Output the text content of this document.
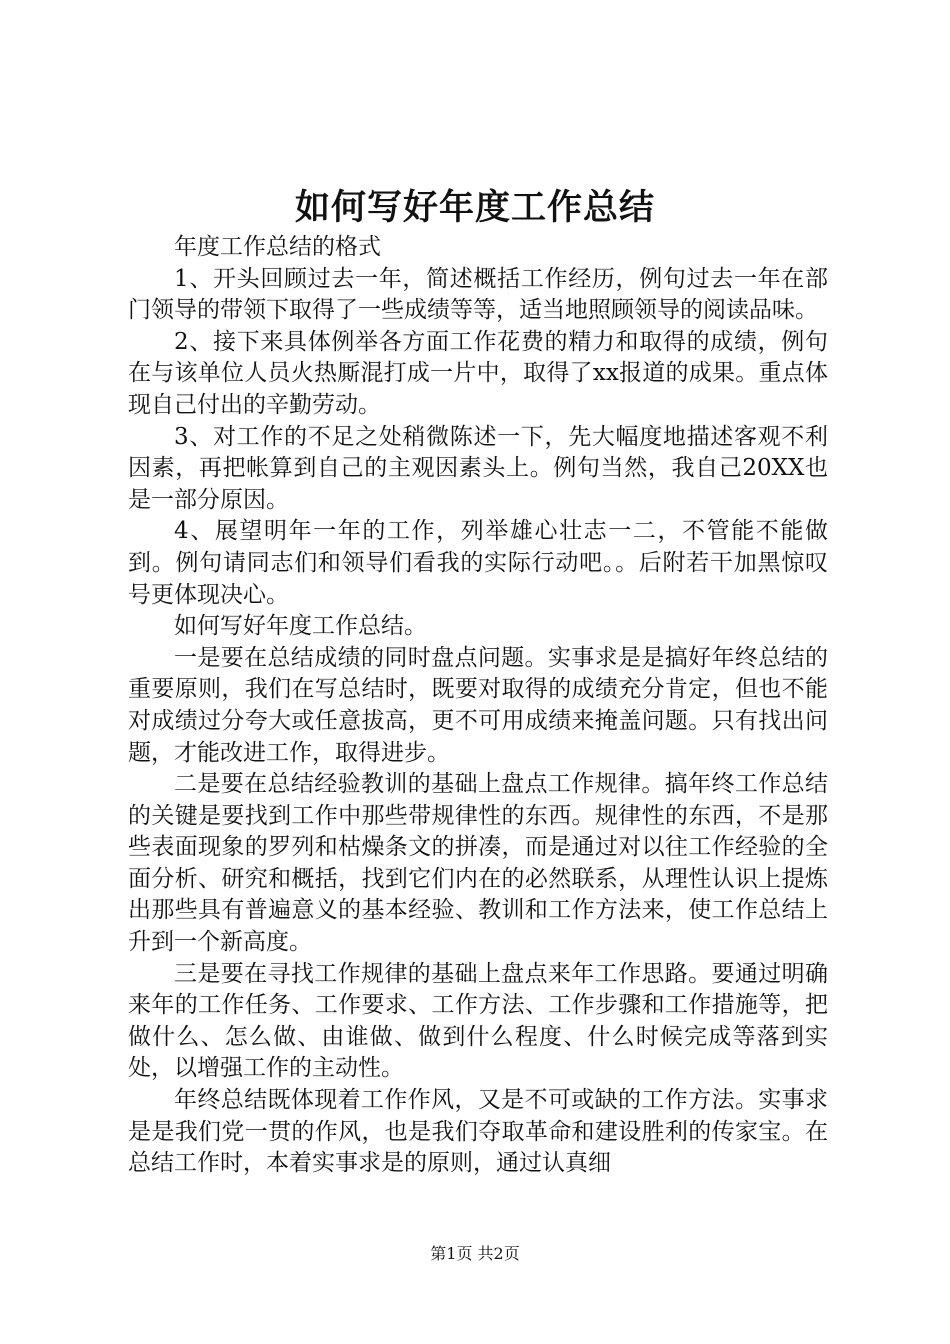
如何写好年度工作总结

年度工作总结的格式

1、开头回顾过去一年，简述概括工作经历，例句过去一年在部门领导的带领下取得了一些成绩等等，适当地照顾领导的阅读品味。

2、接下来具体例举各方面工作花费的精力和取得的成绩，例句在与该单位人员火热厮混打成一片中，取得了xx报道的成果。重点体现自己付出的辛勤劳动。

3、对工作的不足之处稍微陈述一下，先大幅度地描述客观不利因素，再把帐算到自己的主观因素头上。例句当然，我自己20XX也是一部分原因。

4、展望明年一年的工作，列举雄心壮志一二，不管能不能做到。例句请同志们和领导们看我的实际行动吧。。后附若干加黑惊叹号更体现决心。

如何写好年度工作总结。

一是要在总结成绩的同时盘点问题。实事求是是搞好年终总结的重要原则，我们在写总结时，既要对取得的成绩充分肯定，但也不能对成绩过分夸大或任意拔高，更不可用成绩来掩盖问题。只有找出问题，才能改进工作，取得进步。

二是要在总结经验教训的基础上盘点工作规律。搞年终工作总结的关键是要找到工作中那些带规律性的东西。规律性的东西，不是那些表面现象的罗列和枯燥条文的拼凑，而是通过对以往工作经验的全面分析、研究和概括，找到它们内在的必然联系，从理性认识上提炼出那些具有普遍意义的基本经验、教训和工作方法来，使工作总结上升到一个新高度。

三是要在寻找工作规律的基础上盘点来年工作思路。要通过明确来年的工作任务、工作要求、工作方法、工作步骤和工作措施等，把做什么、怎么做、由谁做、做到什么程度、什么时候完成等落到实处，以增强工作的主动性。

年终总结既体现着工作作风，又是不可或缺的工作方法。实事求是是我们党一贯的作风，也是我们夺取革命和建设胜利的传家宝。在总结工作时，本着实事求是的原则，通过认真细

第1页 共2页
